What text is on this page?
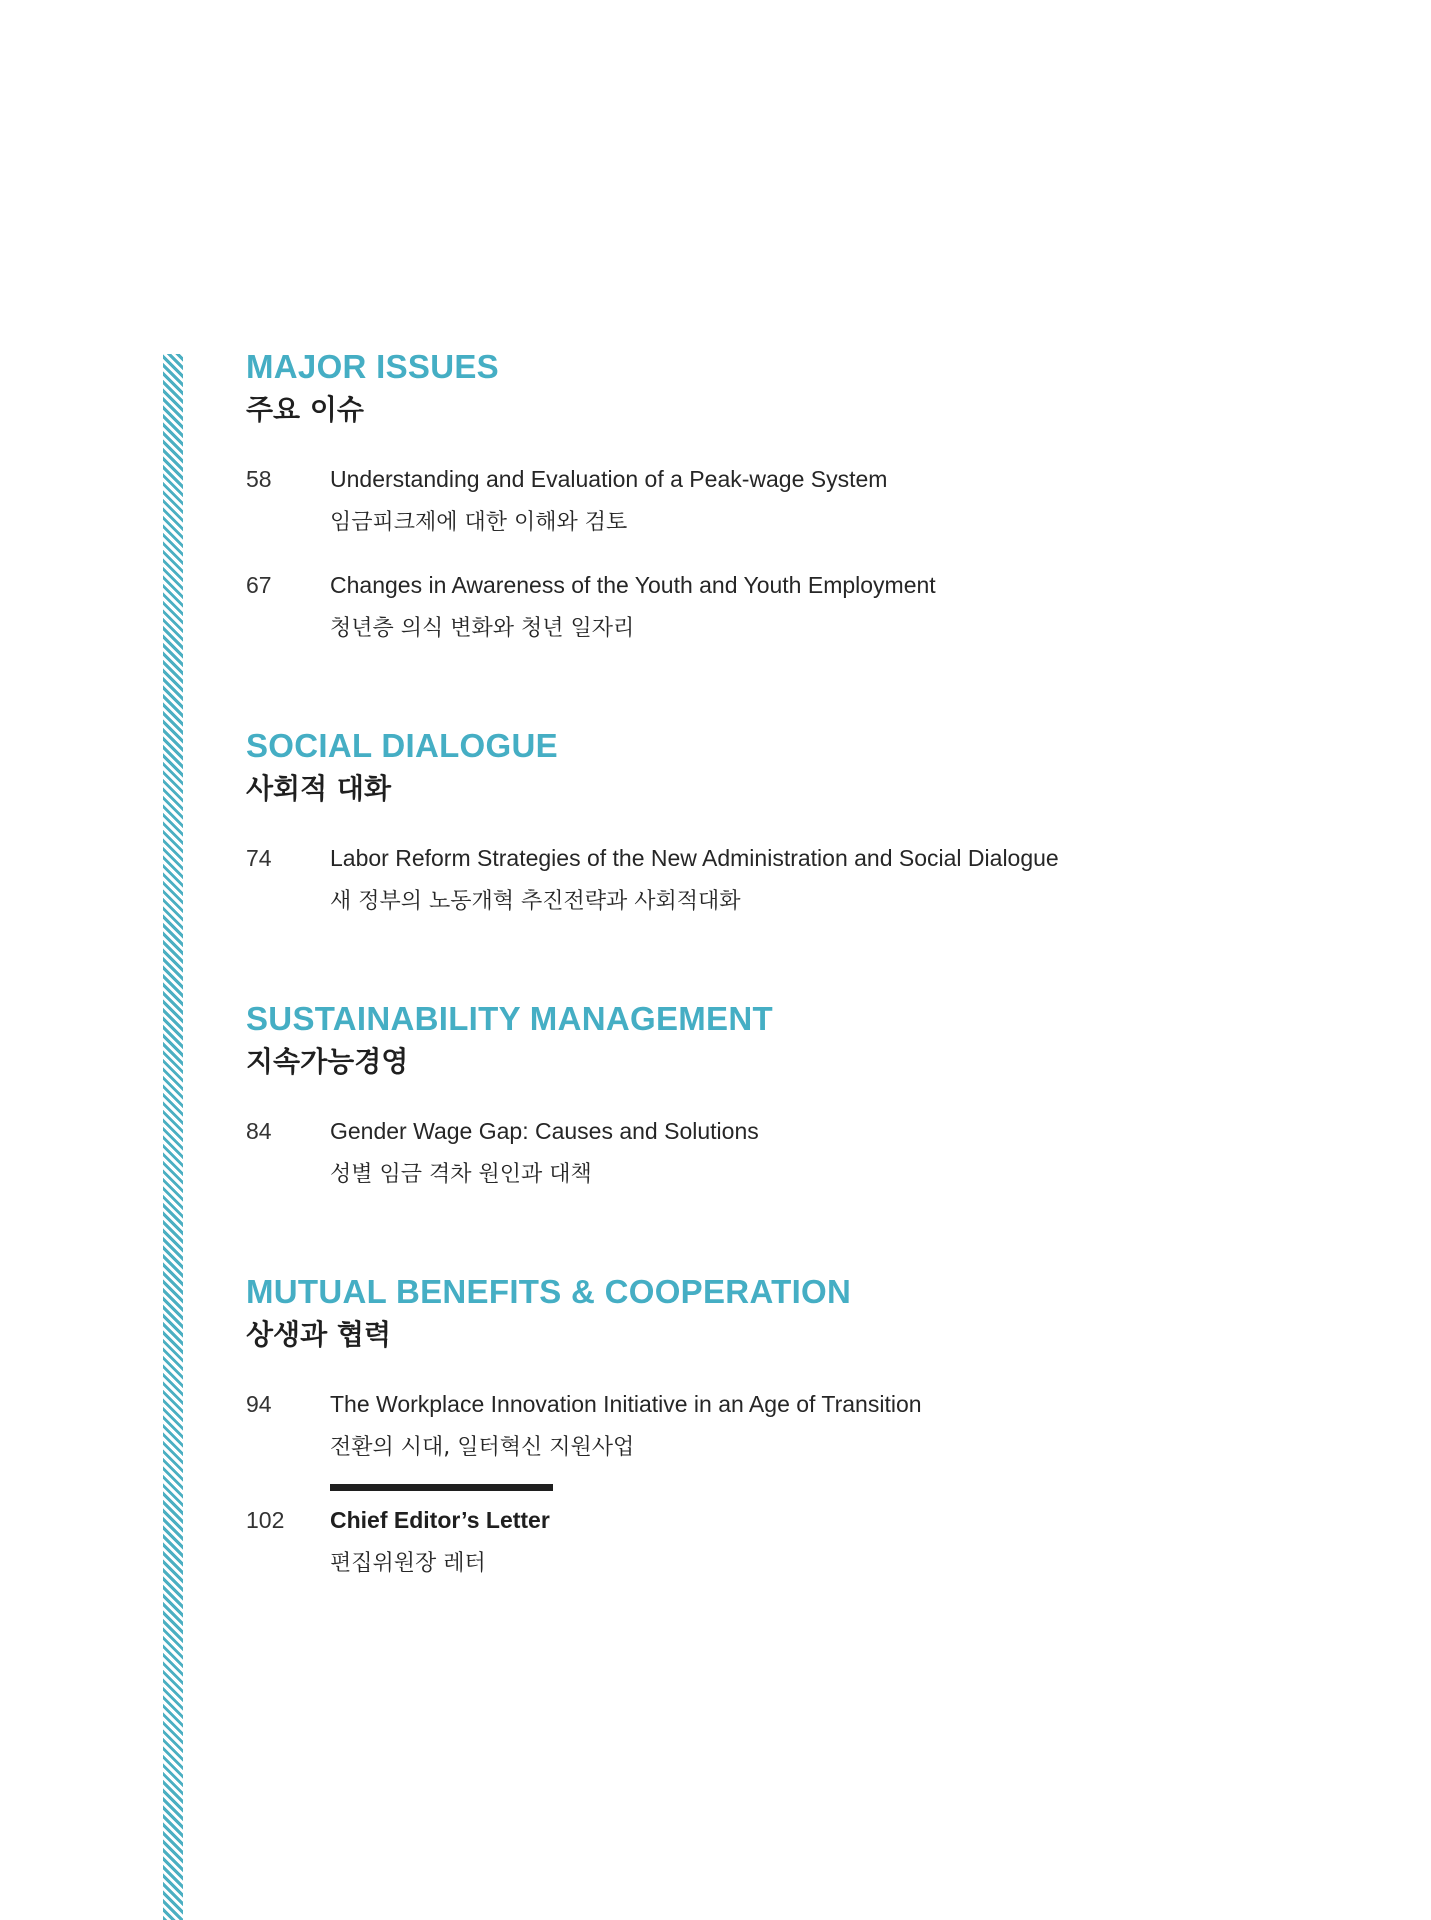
MAJOR ISSUES
주요 이슈
58	Understanding and Evaluation of a Peak-wage System
임금피크제에 대한 이해와 검토
67	Changes in Awareness of the Youth and Youth Employment
청년층 의식 변화와 청년 일자리
SOCIAL DIALOGUE
사회적 대화
74	Labor Reform Strategies of the New Administration and Social Dialogue
새 정부의 노동개혁 추진전략과 사회적대화
SUSTAINABILITY MANAGEMENT
지속가능경영
84	Gender Wage Gap: Causes and Solutions
성별 임금 격차 원인과 대책
MUTUAL BENEFITS & COOPERATION
상생과 협력
94	The Workplace Innovation Initiative in an Age of Transition
전환의 시대, 일터혁신 지원사업
102	Chief Editor’s Letter
편집위원장 레터
